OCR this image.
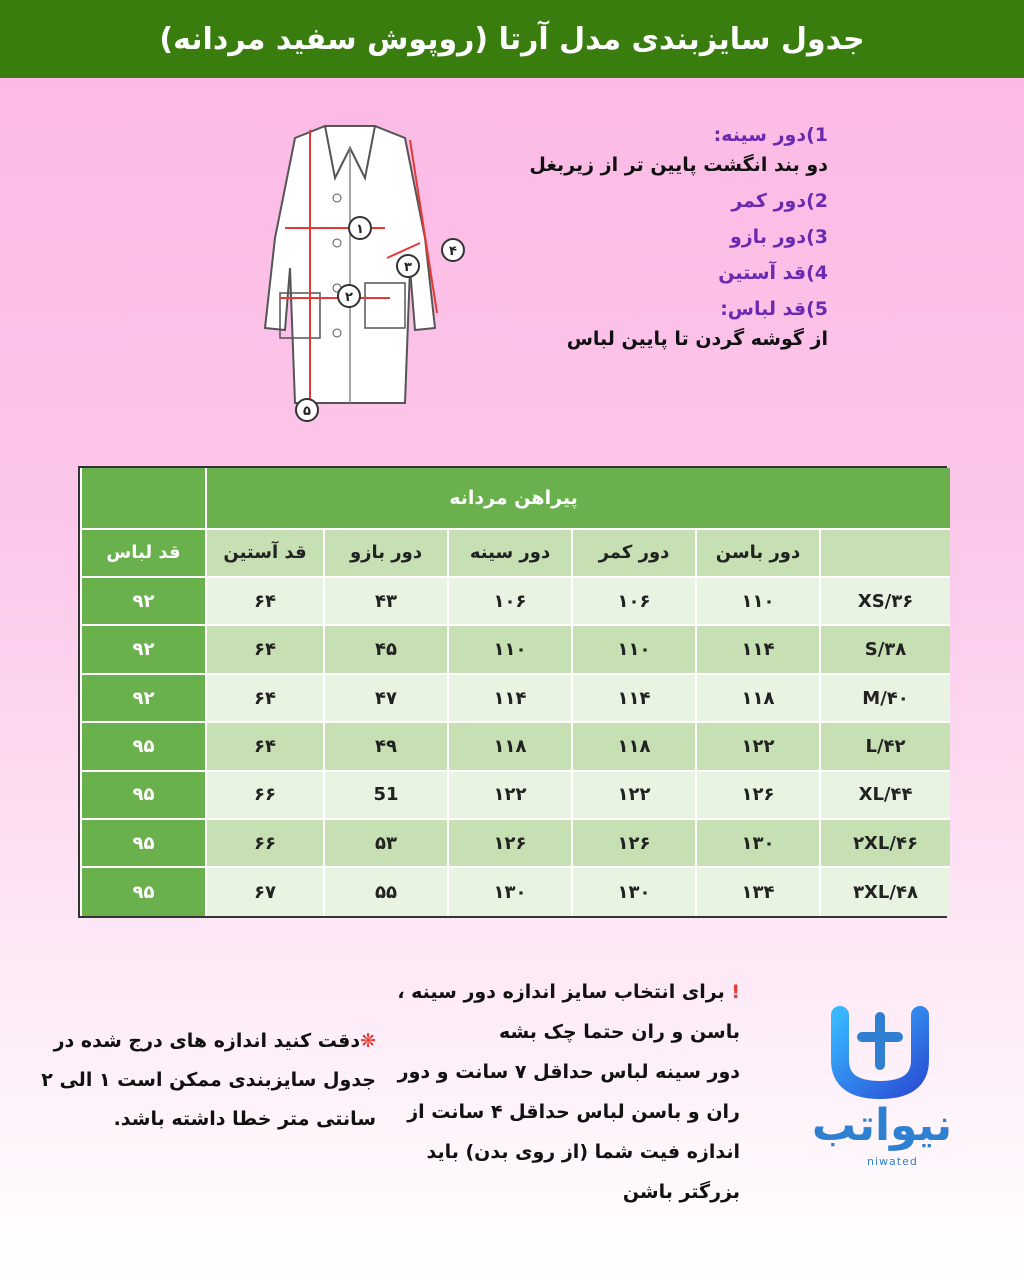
جدول سایزبندی مدل آرتا (روپوش سفید مردانه)
۱
۲
۳
۴
۵
1)دور سینه:
دو بند انگشت پایین تر از زیربغل
2)دور کمر
3)دور بازو
4)قد آستین
5)قد لباس:
از گوشه گردن تا پایین لباس
	پیراهن مردانه					
	دور باسن	دور کمر	دور سینه	دور بازو	قد آستین	قد لباس
XS/۳۶	۱۱۰	۱۰۶	۱۰۶	۴۳	۶۴	۹۲
S/۳۸	۱۱۴	۱۱۰	۱۱۰	۴۵	۶۴	۹۲
M/۴۰	۱۱۸	۱۱۴	۱۱۴	۴۷	۶۴	۹۲
L/۴۲	۱۲۲	۱۱۸	۱۱۸	۴۹	۶۴	۹۵
XL/۴۴	۱۲۶	۱۲۲	۱۲۲	51	۶۶	۹۵
۲XL/۴۶	۱۳۰	۱۲۶	۱۲۶	۵۳	۶۶	۹۵
۳XL/۴۸	۱۳۴	۱۳۰	۱۳۰	۵۵	۶۷	۹۵
❋دقت کنید اندازه های درج شده در
جدول سایزبندی ممکن است ۱ الی ۲
سانتی متر خطا داشته باشد.
! برای انتخاب سایز اندازه دور سینه ،
باسن و ران حتما چک بشه
دور سینه لباس حداقل ۷ سانت و دور
ران و باسن لباس حداقل ۴ سانت از
اندازه فیت شما (از روی بدن) باید
بزرگتر باشن
نیواتب
niwated
